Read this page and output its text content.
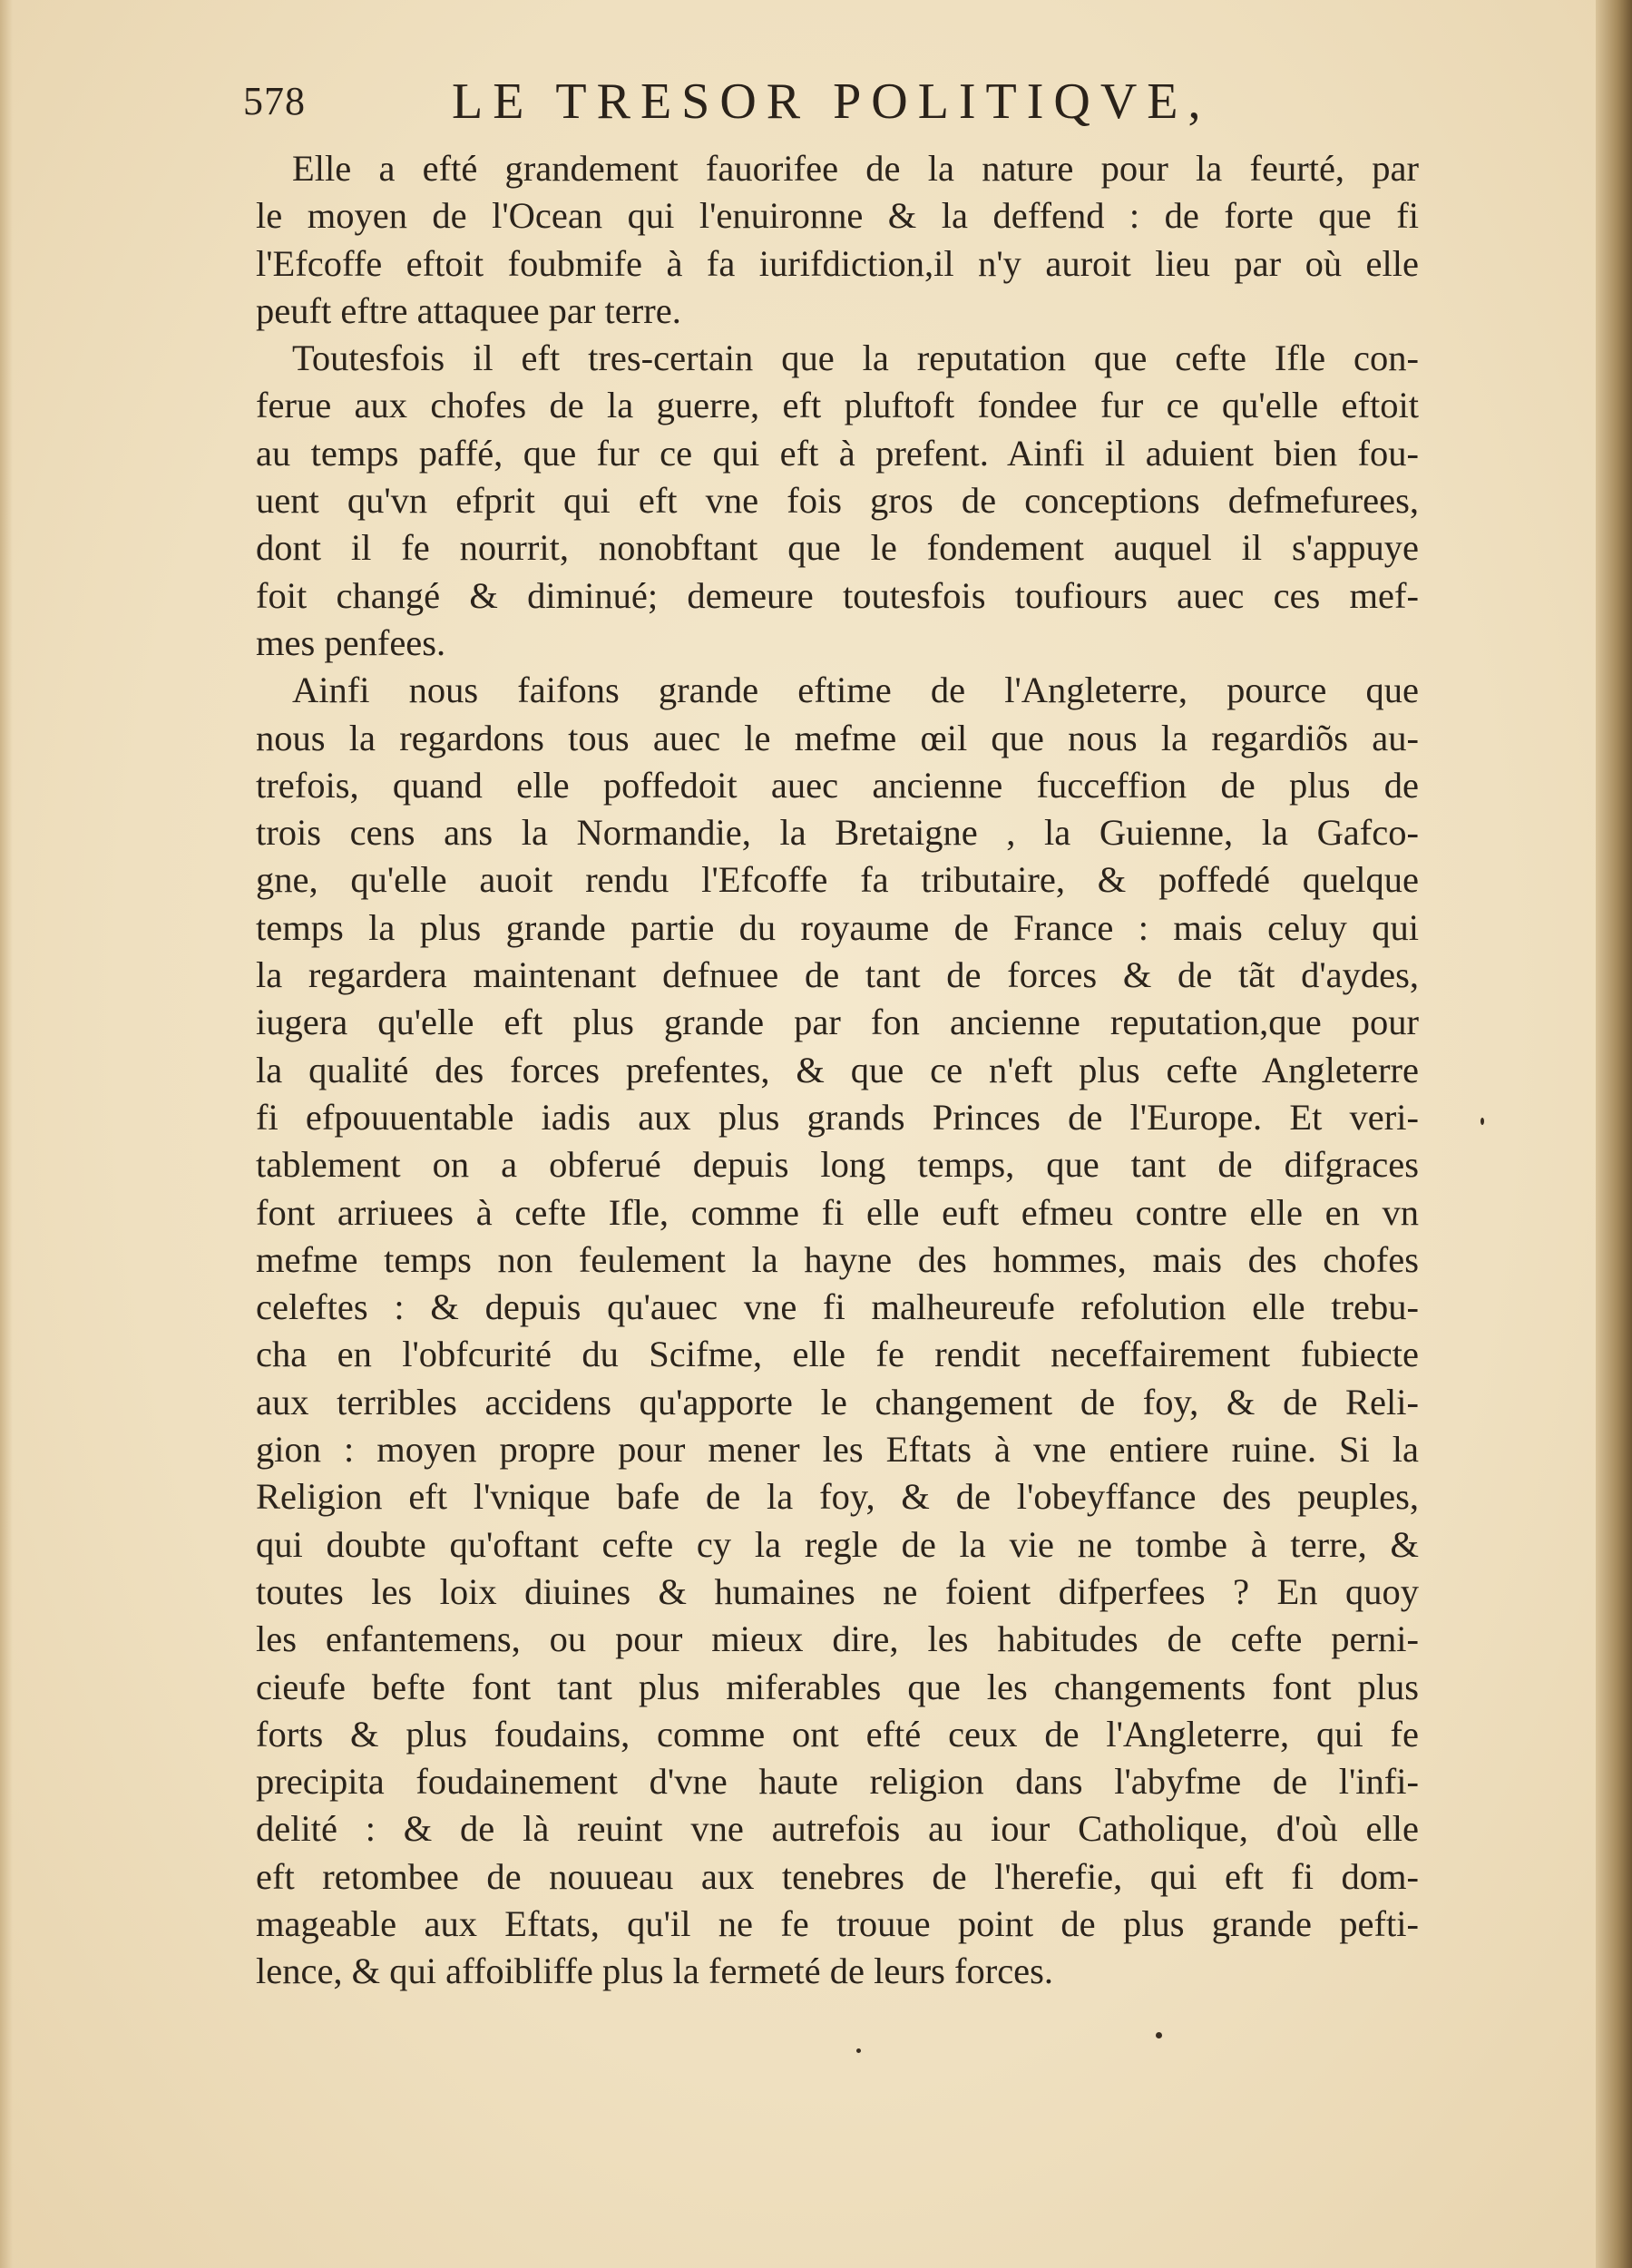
578	LE TRESOR POLITIQVE,
Elle a efté grandement fauorifee de la nature pour la feurté, par
le moyen de l'Ocean qui l'enuironne & la deffend : de forte que fi
l'Efcoffe eftoit foubmife à fa iurifdiction,il n'y auroit lieu par où elle
peuft eftre attaquee par terre.
Toutesfois il eft tres-certain que la reputation que cefte Ifle con-
ferue aux chofes de la guerre, eft pluftoft fondee fur ce qu'elle eftoit
au temps paffé, que fur ce qui eft à prefent. Ainfi il aduient bien fou-
uent qu'vn efprit qui eft vne fois gros de conceptions defmefurees,
dont il fe nourrit, nonobftant que le fondement auquel il s'appuye
foit changé & diminué; demeure toutesfois toufiours auec ces mef-
mes penfees.
Ainfi nous faifons grande eftime de l'Angleterre, pource que
nous la regardons tous auec le mefme œil que nous la regardiõs au-
trefois, quand elle poffedoit auec ancienne fucceffion de plus de
trois cens ans la Normandie, la Bretaigne , la Guienne, la Gafco-
gne, qu'elle auoit rendu l'Efcoffe fa tributaire, & poffedé quelque
temps la plus grande partie du royaume de France : mais celuy qui
la regardera maintenant defnuee de tant de forces & de tãt d'aydes,
iugera qu'elle eft plus grande par fon ancienne reputation,que pour
la qualité des forces prefentes, & que ce n'eft plus cefte Angleterre
fi efpouuentable iadis aux plus grands Princes de l'Europe. Et veri-
tablement on a obferué depuis long temps, que tant de difgraces
font arriuees à cefte Ifle, comme fi elle euft efmeu contre elle en vn
mefme temps non feulement la hayne des hommes, mais des chofes
celeftes : & depuis qu'auec vne fi malheureufe refolution elle trebu-
cha en l'obfcurité du Scifme, elle fe rendit neceffairement fubiecte
aux terribles accidens qu'apporte le changement de foy, & de Reli-
gion : moyen propre pour mener les Eftats à vne entiere ruine. Si la
Religion eft l'vnique bafe de la foy, & de l'obeyffance des peuples,
qui doubte qu'oftant cefte cy la regle de la vie ne tombe à terre, &
toutes les loix diuines & humaines ne foient difperfees ? En quoy
les enfantemens, ou pour mieux dire, les habitudes de cefte perni-
cieufe befte font tant plus miferables que les changements font plus
forts & plus foudains, comme ont efté ceux de l'Angleterre, qui fe
precipita foudainement d'vne haute religion dans l'abyfme de l'infi-
delité : & de là reuint vne autrefois au iour Catholique, d'où elle
eft retombee de nouueau aux tenebres de l'herefie, qui eft fi dom-
mageable aux Eftats, qu'il ne fe trouue point de plus grande pefti-
lence, & qui affoibliffe plus la fermeté de leurs forces.
